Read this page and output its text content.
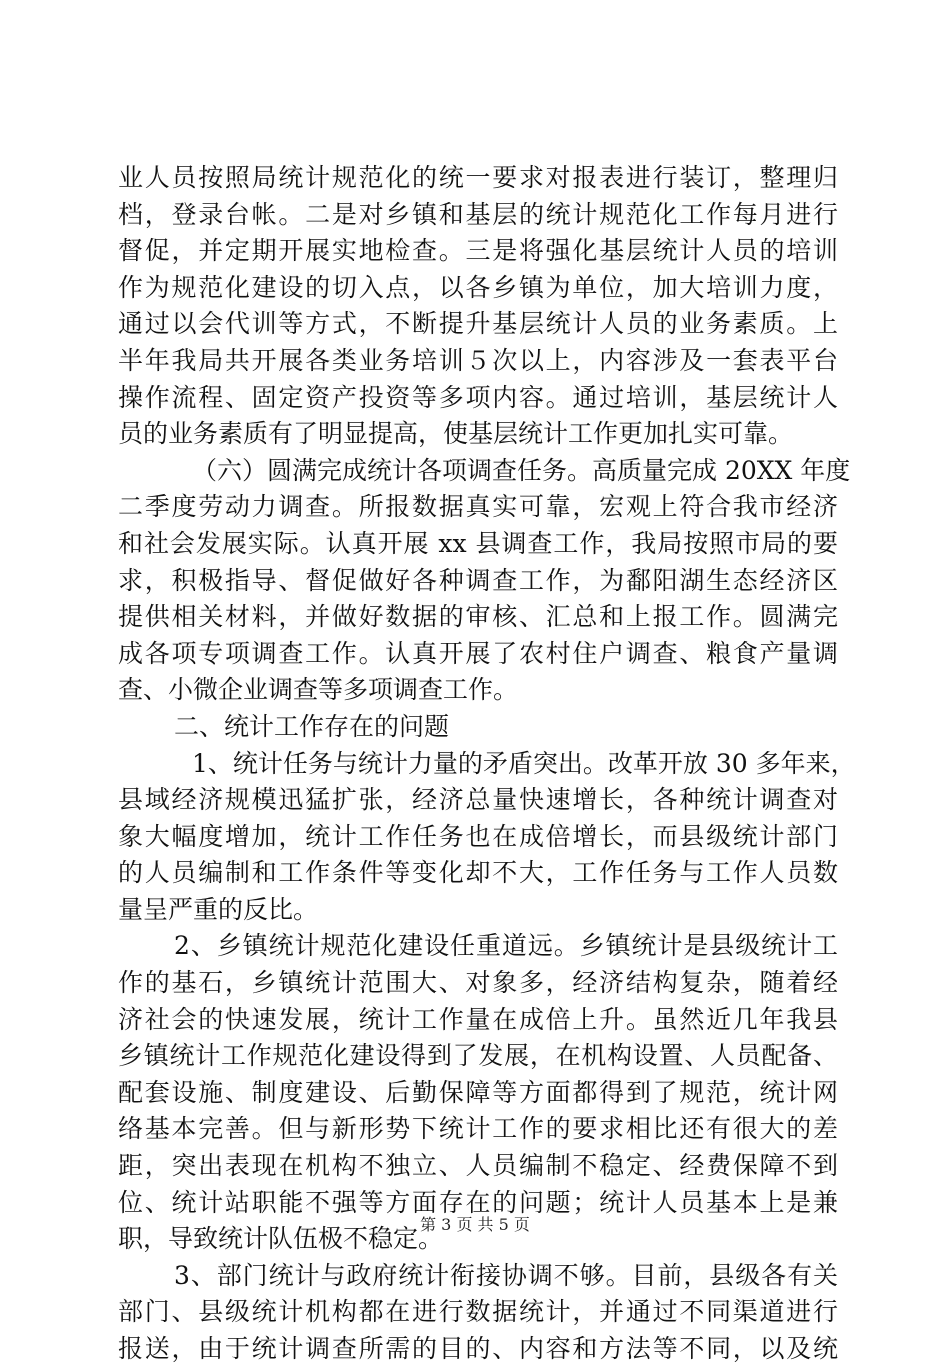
业人员按照局统计规范化的统一要求对报表进行装订，整理归
档，登录台帐。二是对乡镇和基层的统计规范化工作每月进行
督促，并定期开展实地检查。三是将强化基层统计人员的培训
作为规范化建设的切入点，以各乡镇为单位，加大培训力度，
通过以会代训等方式，不断提升基层统计人员的业务素质。上
半年我局共开展各类业务培训５次以上，内容涉及一套表平台
操作流程、固定资产投资等多项内容。通过培训，基层统计人
员的业务素质有了明显提高，使基层统计工作更加扎实可靠。
（六）圆满完成统计各项调查任务。高质量完成 20XX 年度
二季度劳动力调查。所报数据真实可靠，宏观上符合我市经济
和社会发展实际。认真开展 xx 县调查工作，我局按照市局的要
求，积极指导、督促做好各种调查工作，为鄱阳湖生态经济区
提供相关材料，并做好数据的审核、汇总和上报工作。圆满完
成各项专项调查工作。认真开展了农村住户调查、粮食产量调
查、小微企业调查等多项调查工作。
二、统计工作存在的问题
1、统计任务与统计力量的矛盾突出。改革开放 30 多年来，
县域经济规模迅猛扩张，经济总量快速增长，各种统计调查对
象大幅度增加，统计工作任务也在成倍增长，而县级统计部门
的人员编制和工作条件等变化却不大，工作任务与工作人员数
量呈严重的反比。
2、乡镇统计规范化建设任重道远。乡镇统计是县级统计工
作的基石，乡镇统计范围大、对象多，经济结构复杂，随着经
济社会的快速发展，统计工作量在成倍上升。虽然近几年我县
乡镇统计工作规范化建设得到了发展，在机构设置、人员配备、
配套设施、制度建设、后勤保障等方面都得到了规范，统计网
络基本完善。但与新形势下统计工作的要求相比还有很大的差
距，突出表现在机构不独立、人员编制不稳定、经费保障不到
位、统计站职能不强等方面存在的问题；统计人员基本上是兼
职，导致统计队伍极不稳定。
3、部门统计与政府统计衔接协调不够。目前，县级各有关
部门、县级统计机构都在进行数据统计，并通过不同渠道进行
报送，由于统计调查所需的目的、内容和方法等不同，以及统
第 3 页 共 5 页
